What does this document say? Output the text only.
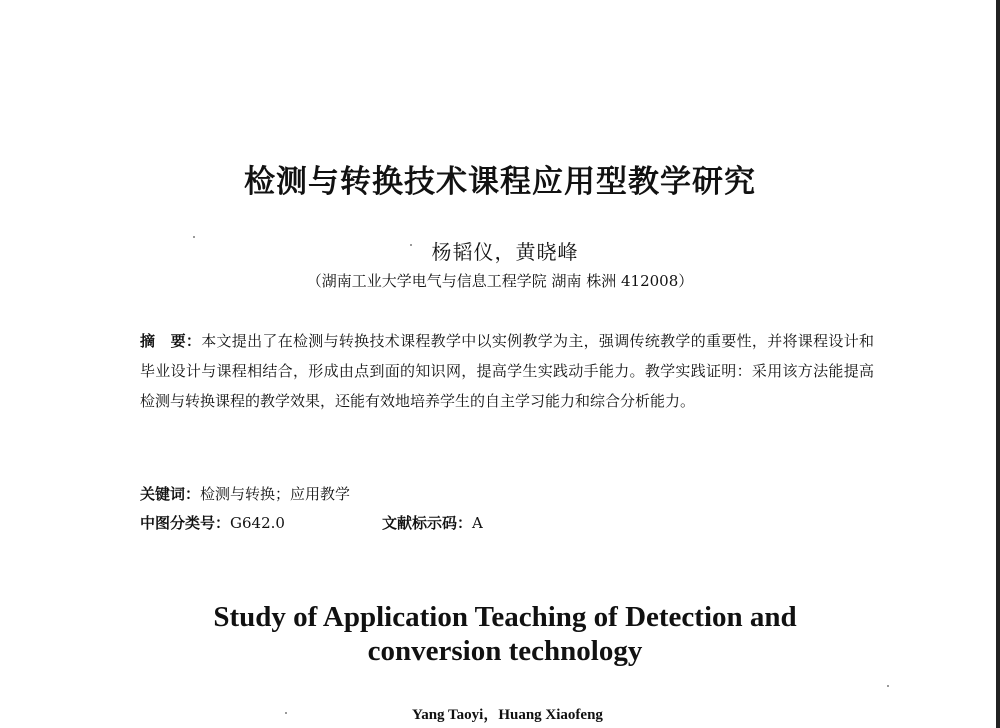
检测与转换技术课程应用型教学研究

杨韬仪，黄晓峰

（湖南工业大学电气与信息工程学院 湖南 株洲 412008）

摘　要：本文提出了在检测与转换技术课程教学中以实例教学为主，强调传统教学的重要性，并将课程设计和毕业设计与课程相结合，形成由点到面的知识网，提高学生实践动手能力。教学实践证明：采用该方法能提高检测与转换课程的教学效果，还能有效地培养学生的自主学习能力和综合分析能力。

关键词：检测与转换；应用教学

中图分类号：G642.0	文献标示码：A

Study of Application Teaching of Detection and
conversion technology

Yang Taoyi，Huang Xiaofeng
